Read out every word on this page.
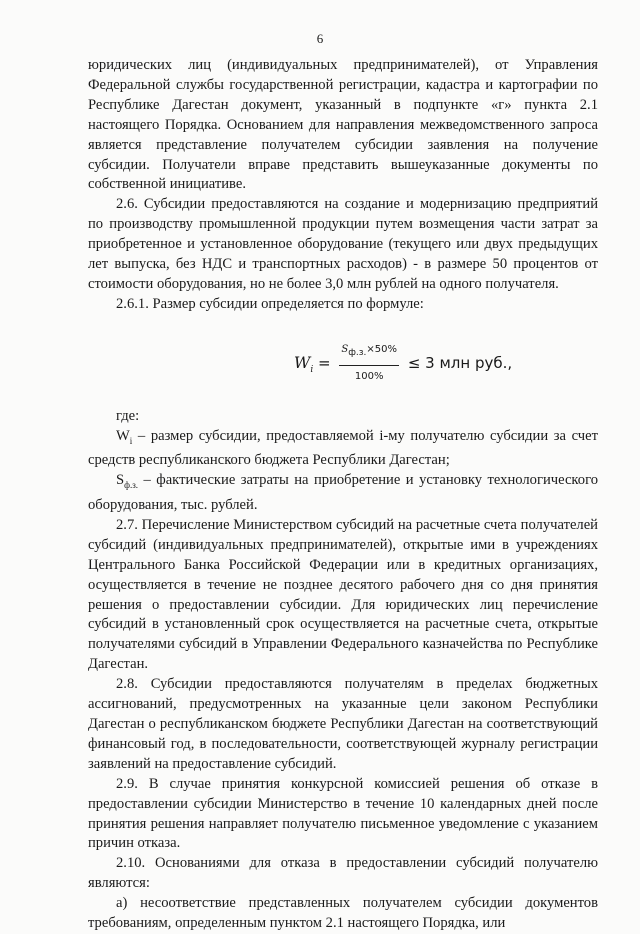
6

юридических лиц (индивидуальных предпринимателей), от Управления Федеральной службы государственной регистрации, кадастра и картографии по Республике Дагестан документ, указанный в подпункте «г» пункта 2.1 настоящего Порядка. Основанием для направления межведомственного запроса является представление получателем субсидии заявления на получение субсидии. Получатели вправе представить вышеуказанные документы по собственной инициативе.

2.6. Субсидии предоставляются на создание и модернизацию предприятий по производству промышленной продукции путем возмещения части затрат за приобретенное и установленное оборудование (текущего или двух предыдущих лет выпуска, без НДС и транспортных расходов) - в размере 50 процентов от стоимости оборудования, но не более 3,0 млн рублей на одного получателя.

2.6.1. Размер субсидии определяется по формуле:

$W_i = \frac{S_{ф.з.}\times 50\%}{100\%} \le 3$ млн руб.,

где:

$W_i$ – размер субсидии, предоставляемой i-му получателю субсидии за счет средств республиканского бюджета Республики Дагестан;

$S_{ф.з.}$ – фактические затраты на приобретение и установку технологического оборудования, тыс. рублей.

2.7. Перечисление Министерством субсидий на расчетные счета получателей субсидий (индивидуальных предпринимателей), открытые ими в учреждениях Центрального Банка Российской Федерации или в кредитных организациях, осуществляется в течение не позднее десятого рабочего дня со дня принятия решения о предоставлении субсидии. Для юридических лиц перечисление субсидий в установленный срок осуществляется на расчетные счета, открытые получателями субсидий в Управлении Федерального казначейства по Республике Дагестан.

2.8. Субсидии предоставляются получателям в пределах бюджетных ассигнований, предусмотренных на указанные цели законом Республики Дагестан о республиканском бюджете Республики Дагестан на соответствующий финансовый год, в последовательности, соответствующей журналу регистрации заявлений на предоставление субсидий.

2.9. В случае принятия конкурсной комиссией решения об отказе в предоставлении субсидии Министерство в течение 10 календарных дней после принятия решения направляет получателю письменное уведомление с указанием причин отказа.

2.10. Основаниями для отказа в предоставлении субсидий получателю являются:

а) несоответствие представленных получателем субсидии документов требованиям, определенным пунктом 2.1 настоящего Порядка, или
